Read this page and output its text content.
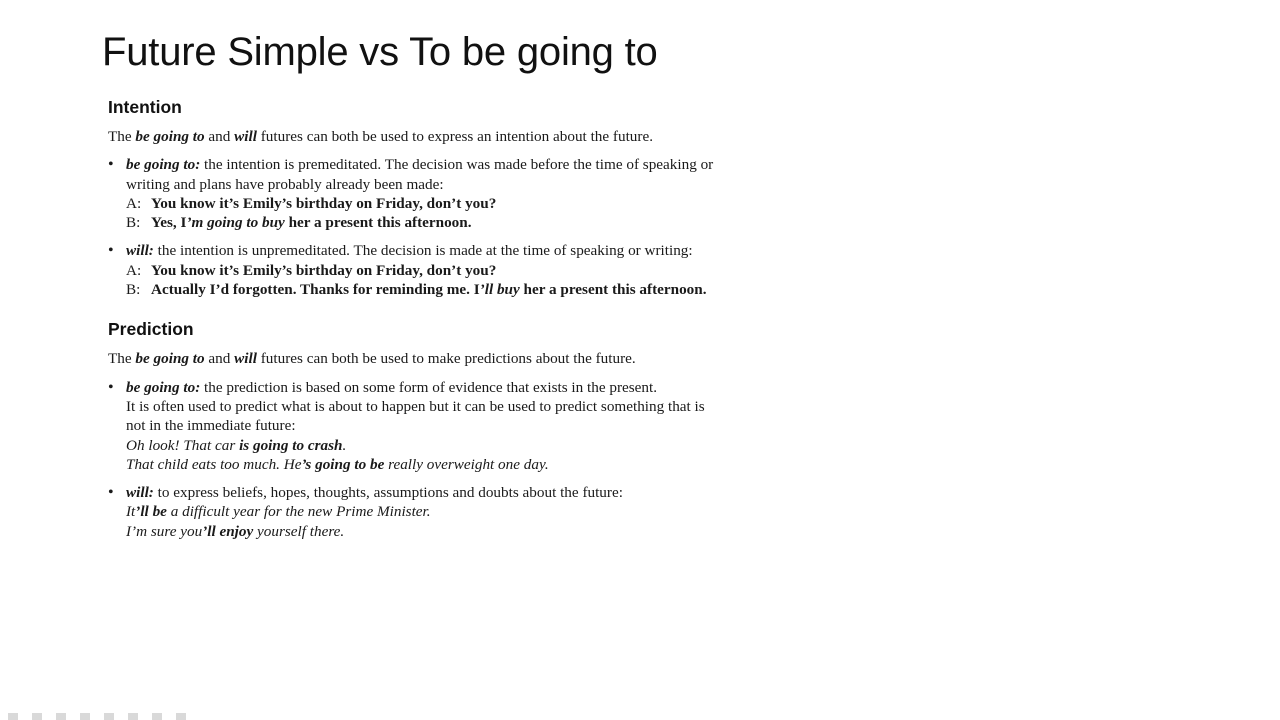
Future Simple vs To be going to
Intention

The be going to and will futures can both be used to express an intention about the future.

• be going to: the intention is premeditated. The decision was made before the time of speaking or writing and plans have probably already been made:

A: You know it’s Emily’s birthday on Friday, don’t you?
B: Yes, I’m going to buy her a present this afternoon.

• will: the intention is unpremeditated. The decision is made at the time of speaking or writing:

A: You know it’s Emily’s birthday on Friday, don’t you?
B: Actually I’d forgotten. Thanks for reminding me. I’ll buy her a present this afternoon.
Prediction

The be going to and will futures can both be used to make predictions about the future.

• be going to: the prediction is based on some form of evidence that exists in the present.

It is often used to predict what is about to happen but it can be used to predict something that is not in the immediate future:

Oh look! That car is going to crash.
That child eats too much. He’s going to be really overweight one day.

• will: to express beliefs, hopes, thoughts, assumptions and doubts about the future:

It’ll be a difficult year for the new Prime Minister.
I’m sure you’ll enjoy yourself there.
